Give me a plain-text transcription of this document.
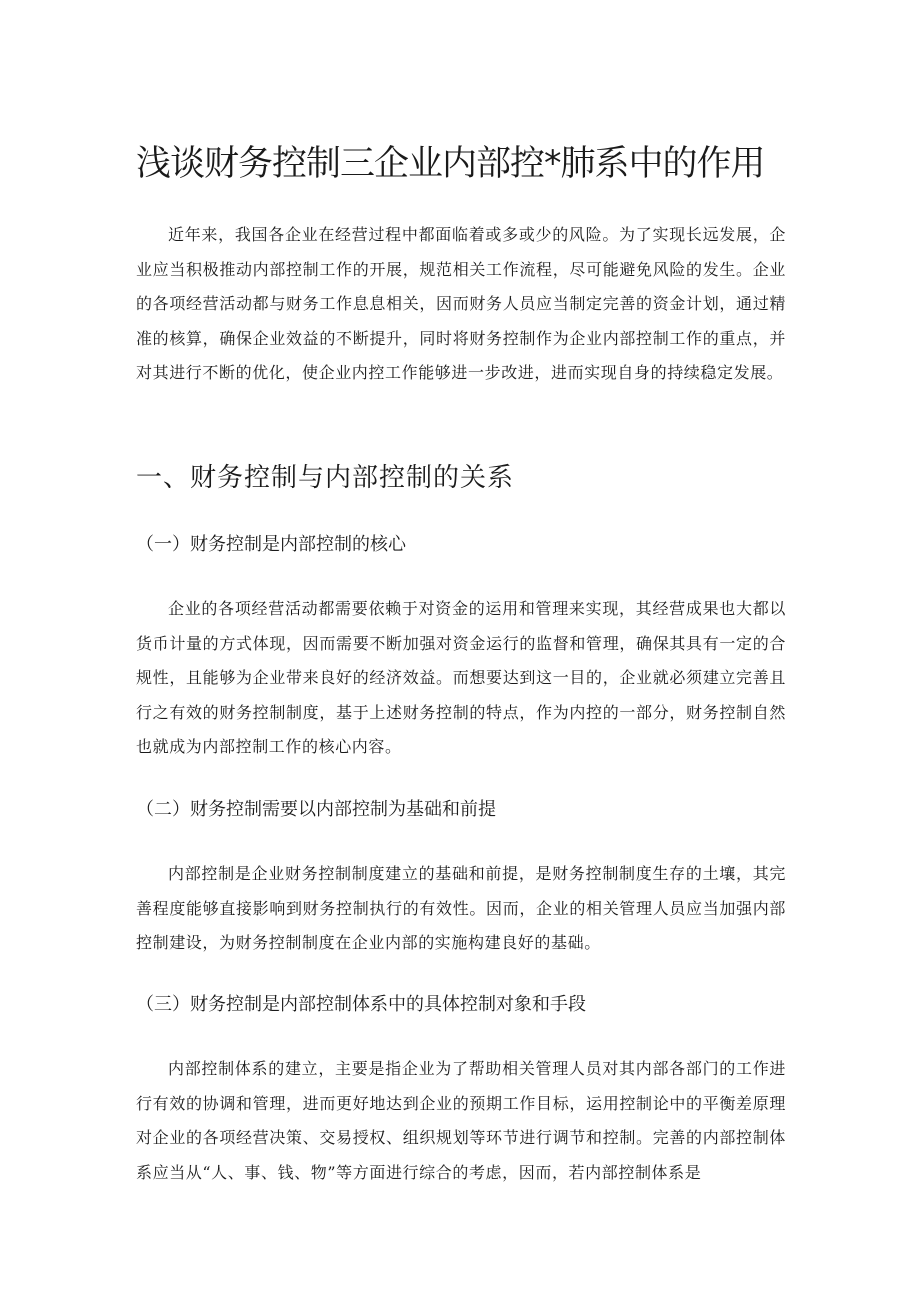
浅谈财务控制三企业内部控*肺系中的作用

近年来，我国各企业在经营过程中都面临着或多或少的风险。为了实现长远发展，企业应当积极推动内部控制工作的开展，规范相关工作流程，尽可能避免风险的发生。企业的各项经营活动都与财务工作息息相关，因而财务人员应当制定完善的资金计划，通过精准的核算，确保企业效益的不断提升，同时将财务控制作为企业内部控制工作的重点，并对其进行不断的优化，使企业内控工作能够进一步改进，进而实现自身的持续稳定发展。

一、财务控制与内部控制的关系
（一）财务控制是内部控制的核心

企业的各项经营活动都需要依赖于对资金的运用和管理来实现，其经营成果也大都以货币计量的方式体现，因而需要不断加强对资金运行的监督和管理，确保其具有一定的合规性，且能够为企业带来良好的经济效益。而想要达到这一目的，企业就必须建立完善且行之有效的财务控制制度，基于上述财务控制的特点，作为内控的一部分，财务控制自然也就成为内部控制工作的核心内容。

（二）财务控制需要以内部控制为基础和前提

内部控制是企业财务控制制度建立的基础和前提，是财务控制制度生存的土壤，其完善程度能够直接影响到财务控制执行的有效性。因而，企业的相关管理人员应当加强内部控制建设，为财务控制制度在企业内部的实施构建良好的基础。

（三）财务控制是内部控制体系中的具体控制对象和手段

内部控制体系的建立，主要是指企业为了帮助相关管理人员对其内部各部门的工作进行有效的协调和管理，进而更好地达到企业的预期工作目标，运用控制论中的平衡差原理对企业的各项经营决策、交易授权、组织规划等环节进行调节和控制。完善的内部控制体系应当从“人、事、钱、物”等方面进行综合的考虑，因而，若内部控制体系是
